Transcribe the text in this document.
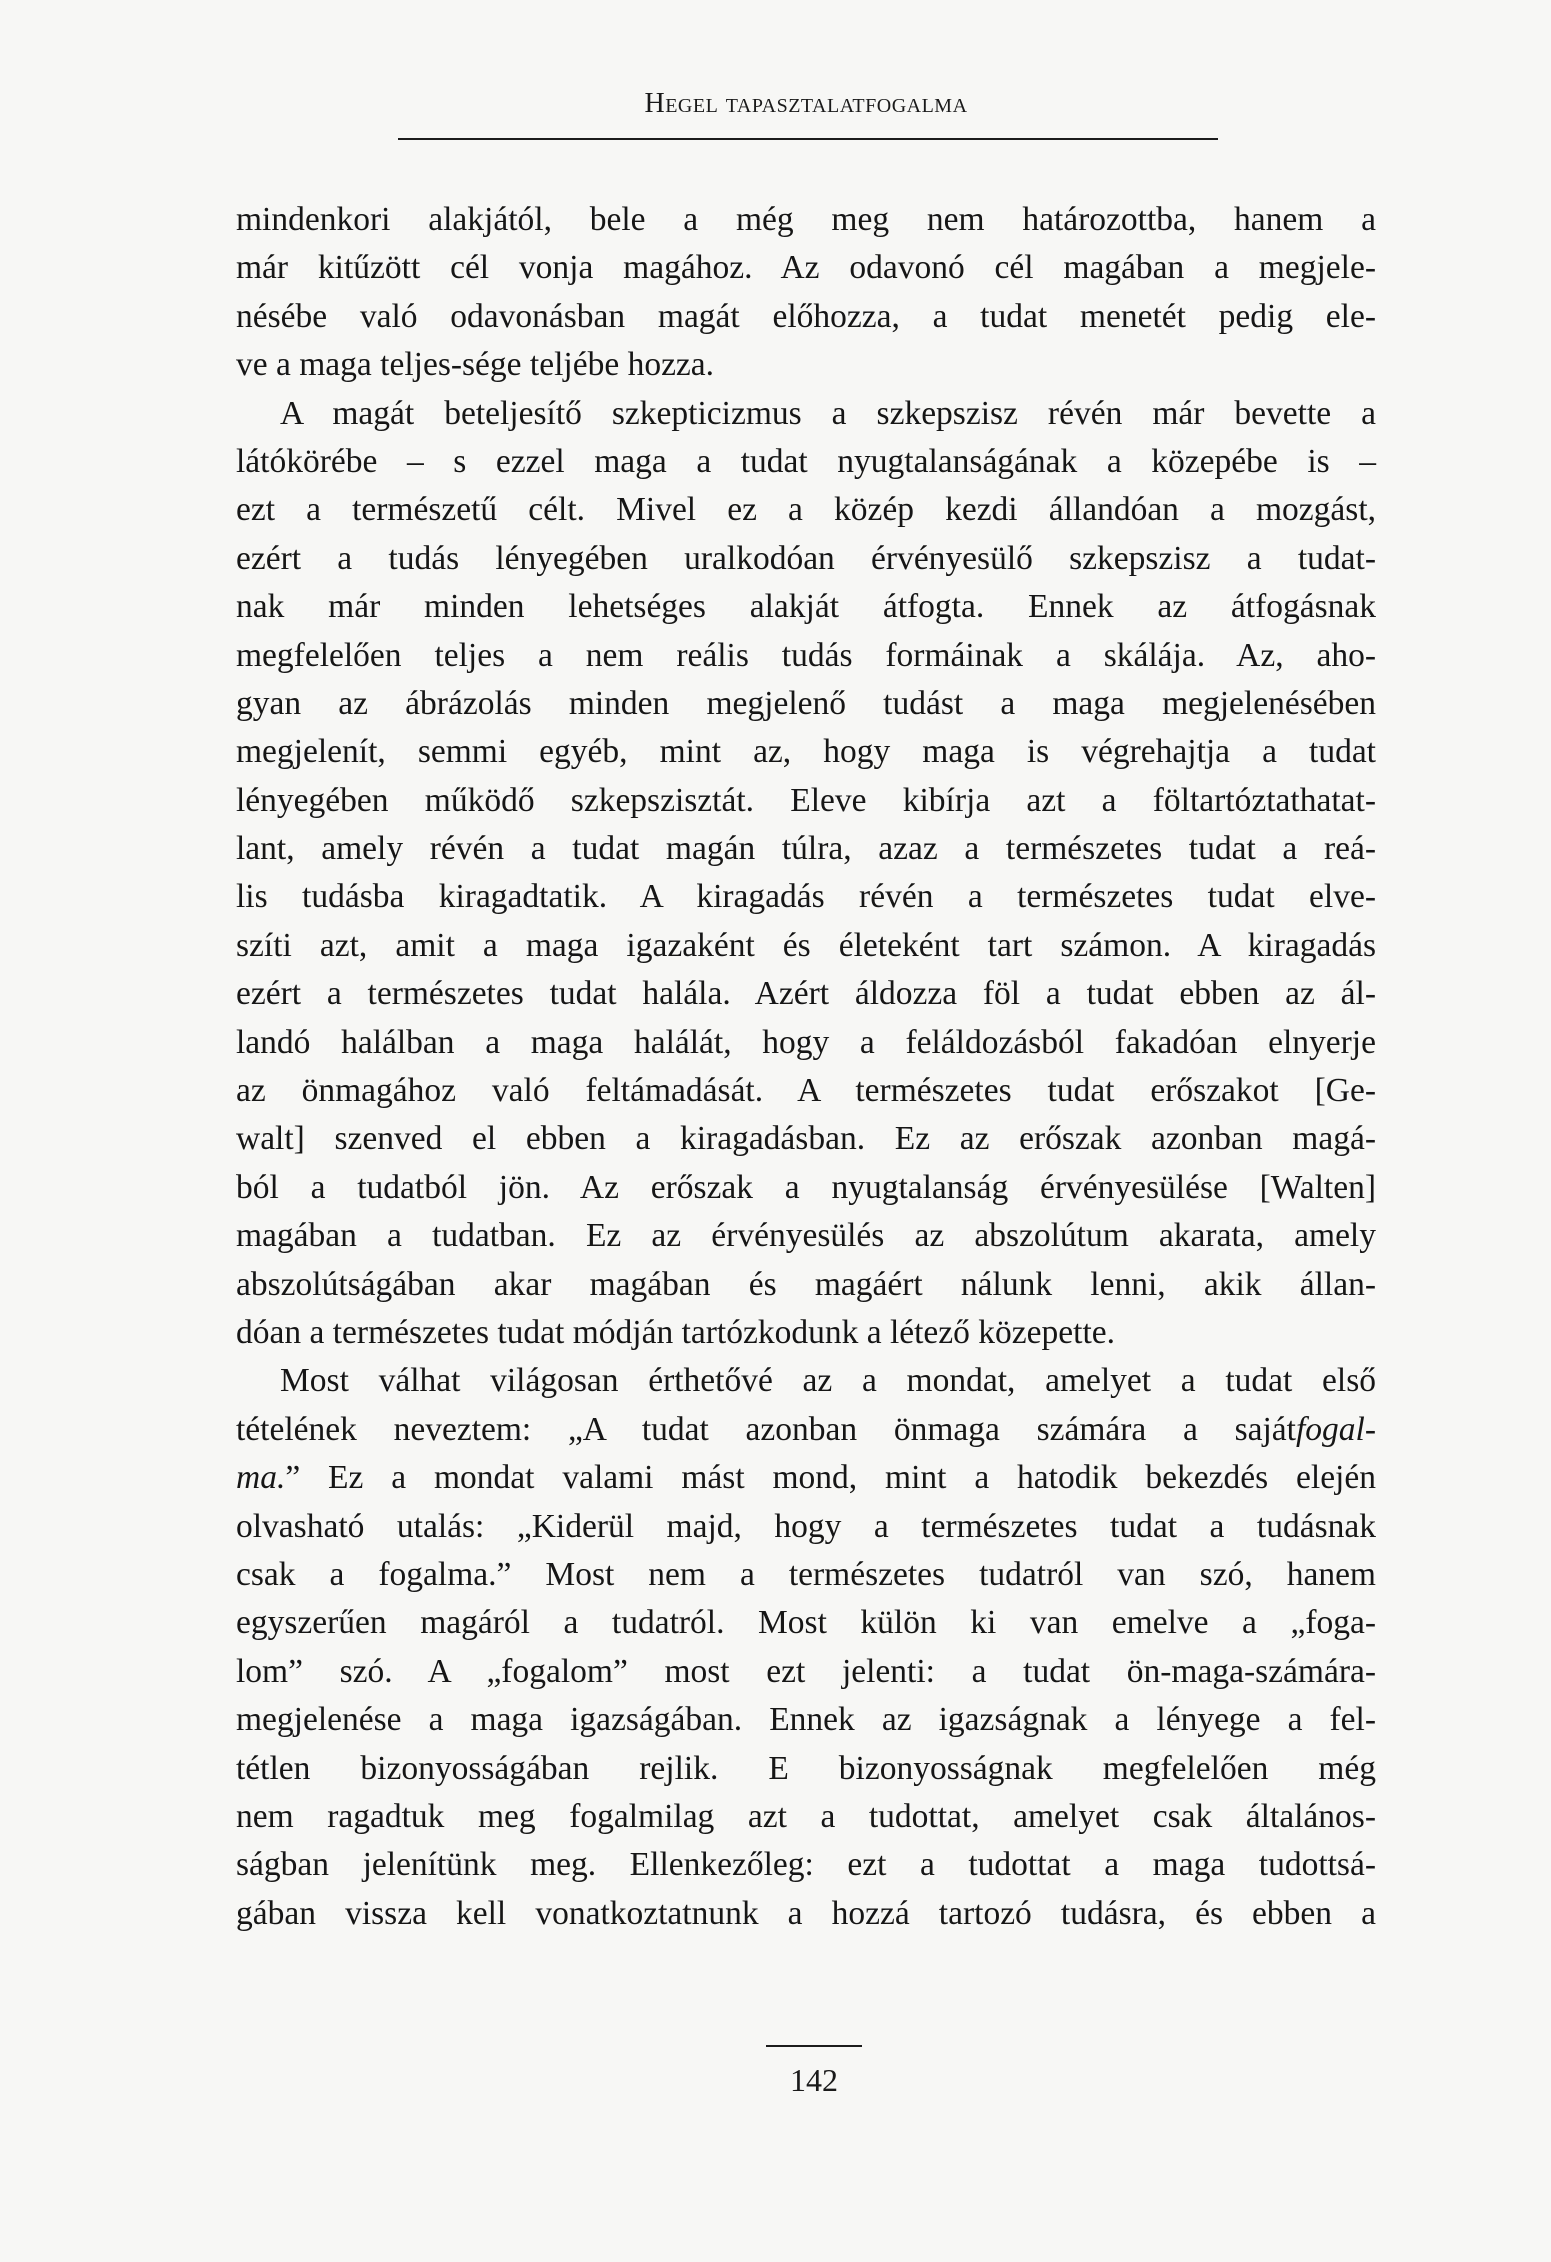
Hegel tapasztalatfogalma
mindenkori alakjától, bele a még meg nem határozottba, hanem a
már kitűzött cél vonja magához. Az odavonó cél magában a megjele-
nésébe való odavonásban magát előhozza, a tudat menetét pedig ele-
ve a maga teljes-sége teljébe hozza.
A magát beteljesítő szkepticizmus a szkepszisz révén már bevette a
látókörébe – s ezzel maga a tudat nyugtalanságának a közepébe is –
ezt a természetű célt. Mivel ez a közép kezdi állandóan a mozgást,
ezért a tudás lényegében uralkodóan érvényesülő szkepszisz a tudat-
nak már minden lehetséges alakját átfogta. Ennek az átfogásnak
megfelelően teljes a nem reális tudás formáinak a skálája. Az, aho-
gyan az ábrázolás minden megjelenő tudást a maga megjelenésében
megjelenít, semmi egyéb, mint az, hogy maga is végrehajtja a tudat
lényegében működő szkepszisztát. Eleve kibírja azt a föltartóztathatat-
lant, amely révén a tudat magán túlra, azaz a természetes tudat a reá-
lis tudásba kiragadtatik. A kiragadás révén a természetes tudat elve-
szíti azt, amit a maga igazaként és életeként tart számon. A kiragadás
ezért a természetes tudat halála. Azért áldozza föl a tudat ebben az ál-
landó halálban a maga halálát, hogy a feláldozásból fakadóan elnyerje
az önmagához való feltámadását. A természetes tudat erőszakot [Ge-
walt] szenved el ebben a kiragadásban. Ez az erőszak azonban magá-
ból a tudatból jön. Az erőszak a nyugtalanság érvényesülése [Walten]
magában a tudatban. Ez az érvényesülés az abszolútum akarata, amely
abszolútságában akar magában és magáért nálunk lenni, akik állan-
dóan a természetes tudat módján tartózkodunk a létező közepette.
Most válhat világosan érthetővé az a mondat, amelyet a tudat első
tételének neveztem: „A tudat azonban önmaga számára a sajátfogal-
ma.” Ez a mondat valami mást mond, mint a hatodik bekezdés elején
olvasható utalás: „Kiderül majd, hogy a természetes tudat a tudásnak
csak a fogalma.” Most nem a természetes tudatról van szó, hanem
egyszerűen magáról a tudatról. Most külön ki van emelve a „foga-
lom” szó. A „fogalom” most ezt jelenti: a tudat ön-maga-számára-
megjelenése a maga igazságában. Ennek az igazságnak a lényege a fel-
tétlen bizonyosságában rejlik. E bizonyosságnak megfelelően még
nem ragadtuk meg fogalmilag azt a tudottat, amelyet csak általános-
ságban jelenítünk meg. Ellenkezőleg: ezt a tudottat a maga tudottsá-
gában vissza kell vonatkoztatnunk a hozzá tartozó tudásra, és ebben a
142
